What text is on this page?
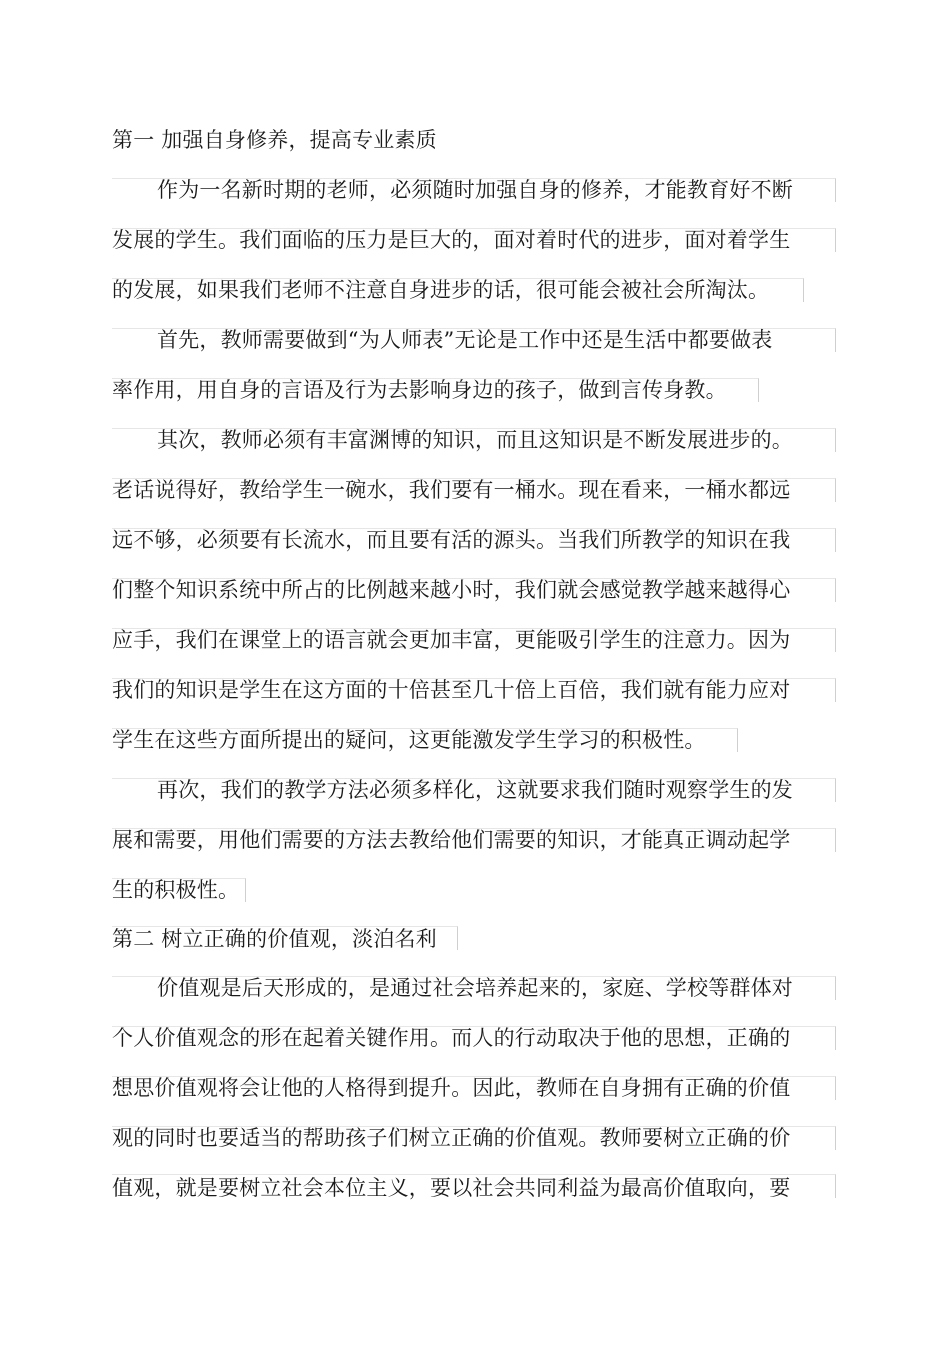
第一 加强自身修养，提高专业素质
作为一名新时期的老师，必须随时加强自身的修养，才能教育好不断
发展的学生。我们面临的压力是巨大的，面对着时代的进步，面对着学生
的发展，如果我们老师不注意自身进步的话，很可能会被社会所淘汰。
首先，教师需要做到“为人师表”无论是工作中还是生活中都要做表
率作用，用自身的言语及行为去影响身边的孩子，做到言传身教。
其次，教师必须有丰富渊博的知识，而且这知识是不断发展进步的。
老话说得好，教给学生一碗水，我们要有一桶水。现在看来，一桶水都远
远不够，必须要有长流水，而且要有活的源头。当我们所教学的知识在我
们整个知识系统中所占的比例越来越小时，我们就会感觉教学越来越得心
应手，我们在课堂上的语言就会更加丰富，更能吸引学生的注意力。因为
我们的知识是学生在这方面的十倍甚至几十倍上百倍，我们就有能力应对
学生在这些方面所提出的疑问，这更能激发学生学习的积极性。
再次，我们的教学方法必须多样化，这就要求我们随时观察学生的发
展和需要，用他们需要的方法去教给他们需要的知识，才能真正调动起学
生的积极性。
第二 树立正确的价值观，淡泊名利
价值观是后天形成的，是通过社会培养起来的，家庭、学校等群体对
个人价值观念的形在起着关键作用。而人的行动取决于他的思想，正确的
想思价值观将会让他的人格得到提升。因此，教师在自身拥有正确的价值
观的同时也要适当的帮助孩子们树立正确的价值观。教师要树立正确的价
值观，就是要树立社会本位主义，要以社会共同利益为最高价值取向，要
